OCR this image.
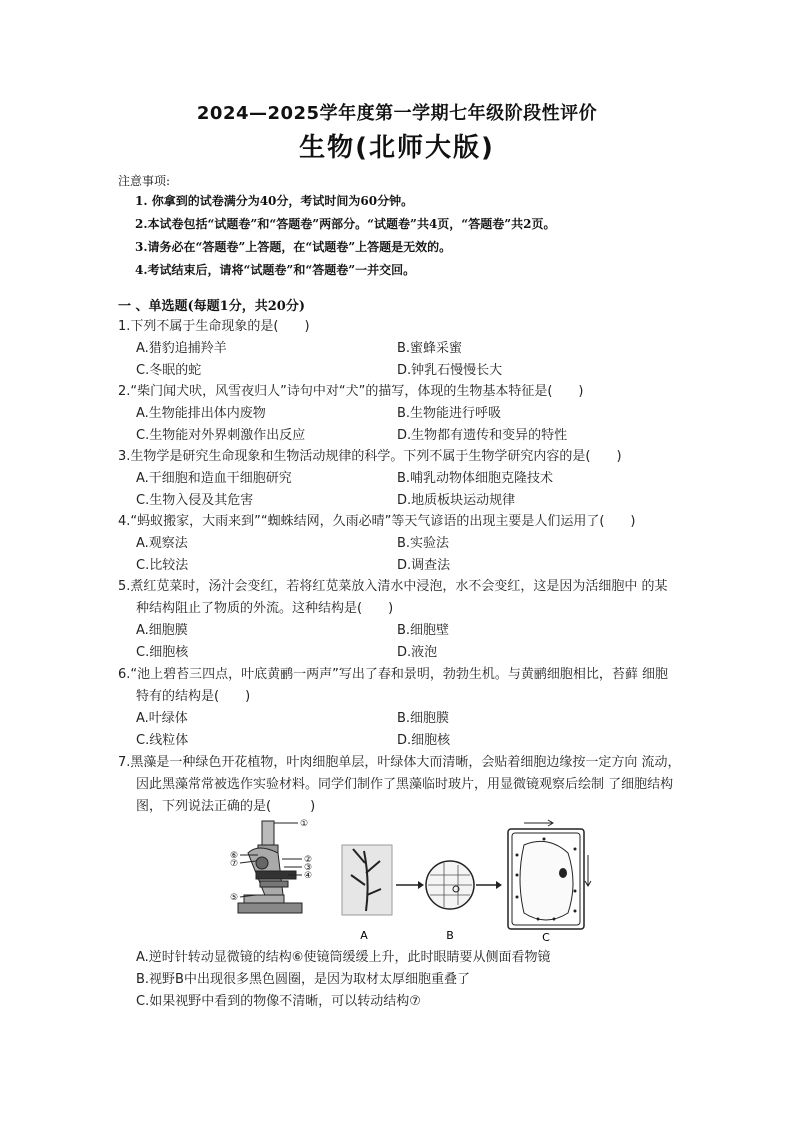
2024—2025学年度第一学期七年级阶段性评价
生物(北师大版)
注意事项:
1. 你拿到的试卷满分为40分，考试时间为60分钟。
2.本试卷包括“试题卷”和“答题卷”两部分。“试题卷”共4页，“答题卷”共2页。
3.请务必在“答题卷”上答题，在“试题卷”上答题是无效的。
4.考试结束后，请将“试题卷”和“答题卷”一并交回。
一 、单选题(每题1分，共20分)
1.下列不属于生命现象的是(　　)
A.猎豹追捕羚羊	B.蜜蜂采蜜
C.冬眠的蛇	D.钟乳石慢慢长大
2.“柴门闻犬吠，风雪夜归人”诗句中对“犬”的描写，体现的生物基本特征是(　　)
A.生物能排出体内废物	B.生物能进行呼吸
C.生物能对外界刺激作出反应	D.生物都有遗传和变异的特性
3.生物学是研究生命现象和生物活动规律的科学。下列不属于生物学研究内容的是(　　)
A.干细胞和造血干细胞研究	B.哺乳动物体细胞克隆技术
C.生物入侵及其危害	D.地质板块运动规律
4.“蚂蚁搬家，大雨来到”“蜘蛛结网，久雨必晴”等天气谚语的出现主要是人们运用了(　　)
A.观察法	B.实验法
C.比较法	D.调查法
5.煮红苋菜时，汤汁会变红，若将红苋菜放入清水中浸泡，水不会变红，这是因为活细胞中 的某
种结构阻止了物质的外流。这种结构是(　　)
A.细胞膜	B.细胞壁
C.细胞核	D.液泡
6.“池上碧苔三四点，叶底黄鹂一两声”写出了春和景明，勃勃生机。与黄鹂细胞相比，苔藓 细胞
特有的结构是(　　)
A.叶绿体	B.细胞膜
C.线粒体	D.细胞核
7.黑藻是一种绿色开花植物，叶肉细胞单层，叶绿体大而清晰，会贴着细胞边缘按一定方向 流动，
因此黑藻常常被选作实验材料。同学们制作了黑藻临时玻片，用显微镜观察后绘制 了细胞结构
图，下列说法正确的是(　　　)
①
②
③
④
⑤
⑥
⑦
A	B	C
A.逆时针转动显微镜的结构⑥使镜筒缓缓上升，此时眼睛要从侧面看物镜
B.视野B中出现很多黑色圆圈，是因为取材太厚细胞重叠了
C.如果视野中看到的物像不清晰，可以转动结构⑦
